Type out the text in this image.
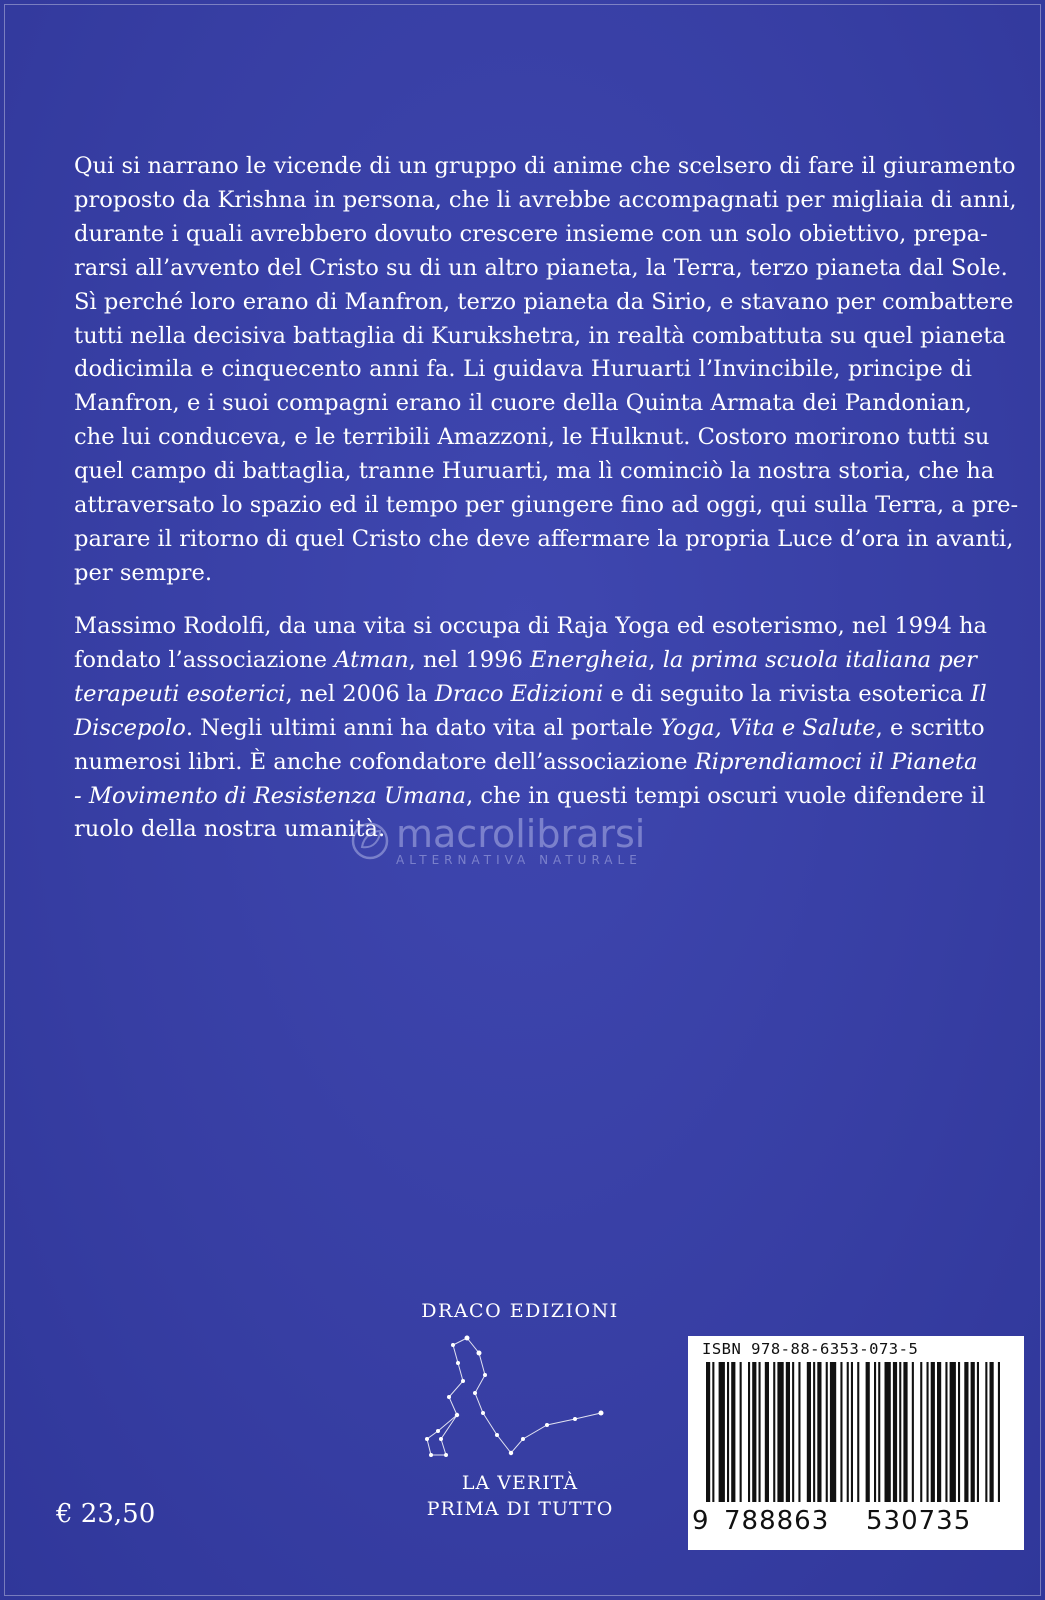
Qui si narrano le vicende di un gruppo di anime che scelsero di fare il giuramento
proposto da Krishna in persona, che li avrebbe accompagnati per migliaia di anni,
durante i quali avrebbero dovuto crescere insieme con un solo obiettivo, prepa-
rarsi all’avvento del Cristo su di un altro pianeta, la Terra, terzo pianeta dal Sole.
Sì perché loro erano di Manfron, terzo pianeta da Sirio, e stavano per combattere
tutti nella decisiva battaglia di Kurukshetra, in realtà combattuta su quel pianeta
dodicimila e cinquecento anni fa. Li guidava Huruarti l’Invincibile, principe di
Manfron, e i suoi compagni erano il cuore della Quinta Armata dei Pandonian,
che lui conduceva, e le terribili Amazzoni, le Hulknut. Costoro morirono tutti su
quel campo di battaglia, tranne Huruarti, ma lì cominciò la nostra storia, che ha
attraversato lo spazio ed il tempo per giungere fino ad oggi, qui sulla Terra, a pre-
parare il ritorno di quel Cristo che deve affermare la propria Luce d’ora in avanti,
per sempre.

Massimo Rodolfi, da una vita si occupa di Raja Yoga ed esoterismo, nel 1994 ha
fondato l’associazione Atman, nel 1996 Energheia, la prima scuola italiana per
terapeuti esoterici, nel 2006 la Draco Edizioni e di seguito la rivista esoterica Il
Discepolo. Negli ultimi anni ha dato vita al portale Yoga, Vita e Salute, e scritto
numerosi libri. È anche cofondatore dell’associazione Riprendiamoci il Pianeta
- Movimento di Resistenza Umana, che in questi tempi oscuri vuole difendere il
ruolo della nostra umanità. macrolibrarsi
ALTERNATIVA NATURALE
DRACO EDIZIONI
LA VERITÀ
PRIMA DI TUTTO
€ 23,50
ISBN 978-88-6353-073-5
9 788863 530735
